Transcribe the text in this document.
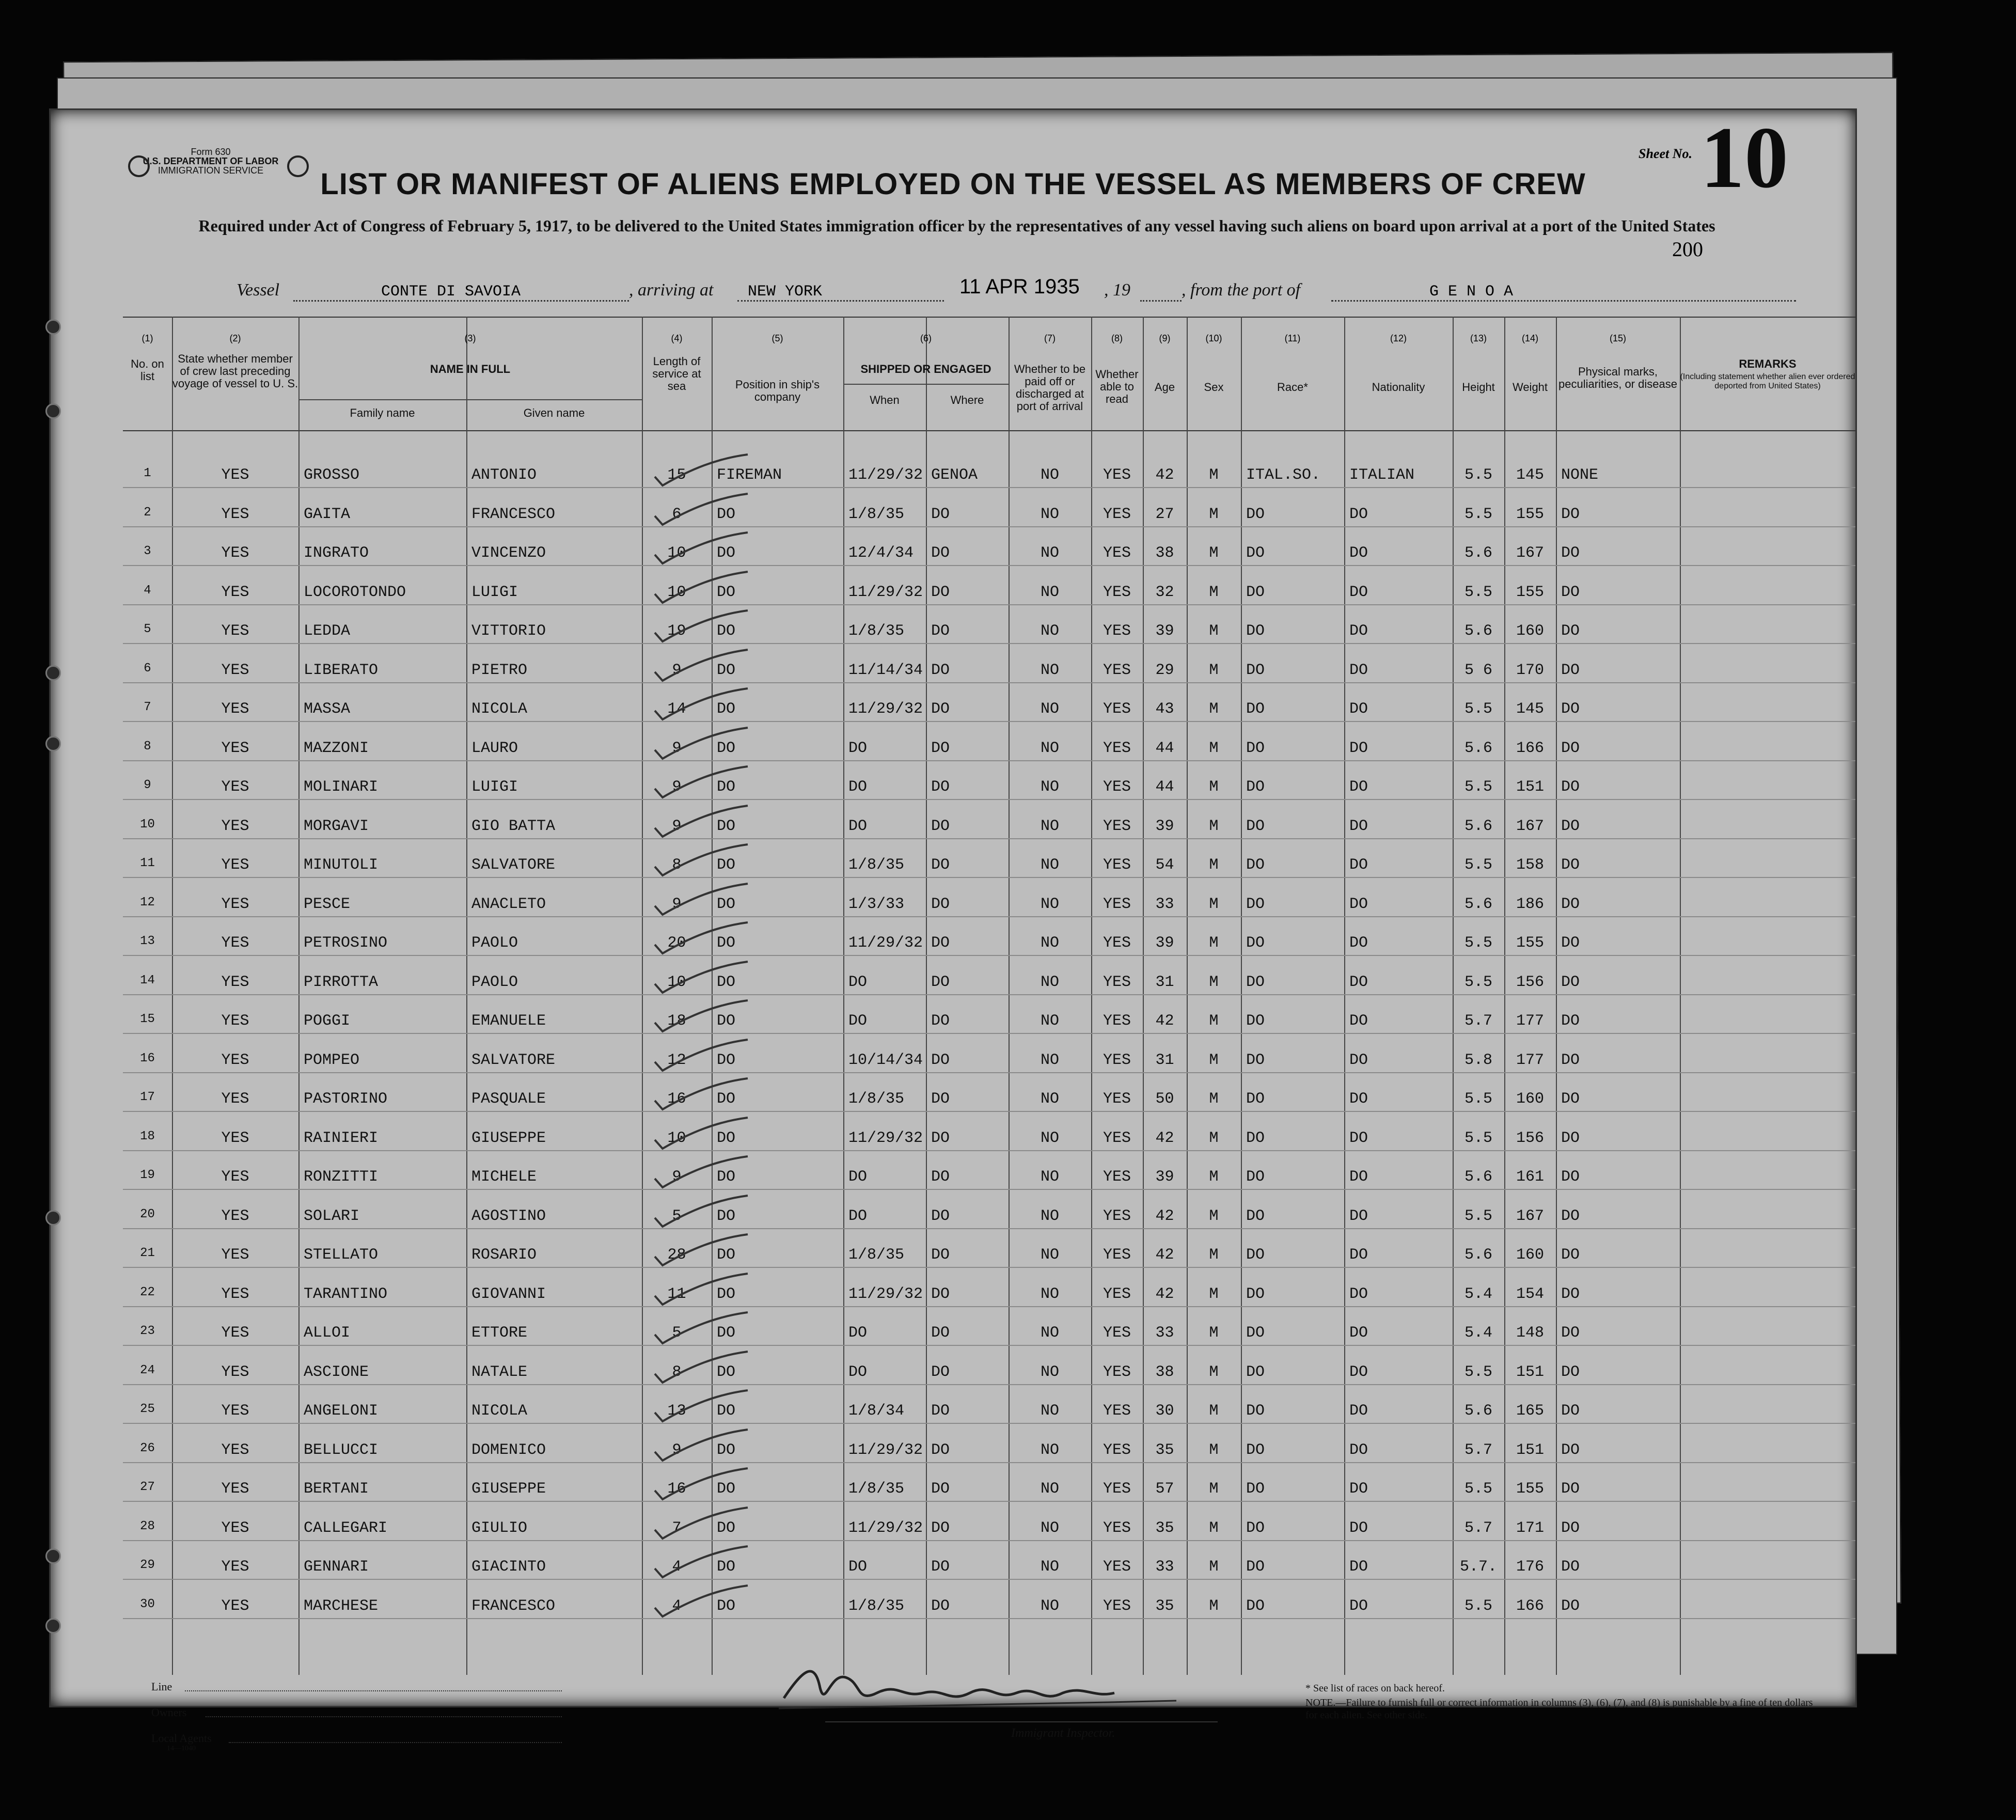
Form 630
U.S. DEPARTMENT OF LABOR
IMMIGRATION SERVICE
Sheet No. 10
200
LIST OR MANIFEST OF ALIENS EMPLOYED ON THE VESSEL AS MEMBERS OF CREW
Required under Act of Congress of February 5, 1917, to be delivered to the United States immigration officer by the representatives of any vessel having such aliens on board upon arrival at a port of the United States
Vessel	CONTE DI SAVOIA	, arriving at NEW YORK	11 APR 1935 , 19	, from the port of	G E N O A
(1)	(2)	(3)	(4)	(5)	(6)	(7)	(8)	(9)	(10)	(11)	(12)	(13)	(14)	(15)
No. on list
State whether member of crew last preceding voyage of vessel to U. S.
NAME IN FULL
Family name	Given name
Length of service at sea	Position in ship's company
SHIPPED OR ENGAGED
When	Where
Whether to be paid off or discharged at port of arrival
Whether able to read
Age	Sex	Race*	Nationality	Height	Weight
Physical marks, peculiarities, or disease
REMARKS
(Including statement whether alien ever ordered deported from United States)
1	YES	GROSSO	ANTONIO	15	FIREMAN	11/29/32 GENOA	NO	YES	42	M	ITAL.SO. ITALIAN	5.5	145	NONE
2	YES	GAITA	FRANCESCO	6	DO	1/8/35 DO	NO	YES	27	M	DO	DO	5.5	155	DO
3	YES	INGRATO	VINCENZO	10	DO	12/4/34 DO	NO	YES	38	M	DO	DO	5.6	167	DO
4	YES	LOCOROTONDO	LUIGI	10	DO	11/29/32 DO	NO	YES	32	M	DO	DO	5.5	155	DO
5	YES	LEDDA	VITTORIO	19	DO	1/8/35 DO	NO	YES	39	M	DO	DO	5.6	160	DO
6	YES	LIBERATO	PIETRO	9	DO	11/14/34 DO	NO	YES	29	M	DO	DO	5 6	170	DO
7	YES	MASSA	NICOLA	14	DO	11/29/32 DO	NO	YES	43	M	DO	DO	5.5	145	DO
8	YES	MAZZONI	LAURO	9	DO	DO	DO	NO	YES	44	M	DO	DO	5.6	166	DO
9	YES	MOLINARI	LUIGI	9	DO	DO	DO	NO	YES	44	M	DO	DO	5.5	151	DO
10	YES	MORGAVI	GIO BATTA	9	DO	DO	DO	NO	YES	39	M	DO	DO	5.6	167	DO
11	YES	MINUTOLI	SALVATORE	8	DO	1/8/35 DO	NO	YES	54	M	DO	DO	5.5	158	DO
12	YES	PESCE	ANACLETO	9	DO	1/3/33 DO	NO	YES	33	M	DO	DO	5.6	186	DO
13	YES	PETROSINO	PAOLO	20	DO	11/29/32 DO	NO	YES	39	M	DO	DO	5.5	155	DO
14	YES	PIRROTTA	PAOLO	10	DO	DO	DO	NO	YES	31	M	DO	DO	5.5	156	DO
15	YES	POGGI	EMANUELE	18	DO	DO	DO	NO	YES	42	M	DO	DO	5.7	177	DO
16	YES	POMPEO	SALVATORE	12	DO	10/14/34 DO	NO	YES	31	M	DO	DO	5.8	177	DO
17	YES	PASTORINO	PASQUALE	16	DO	1/8/35 DO	NO	YES	50	M	DO	DO	5.5	160	DO
18	YES	RAINIERI	GIUSEPPE	10	DO	11/29/32 DO	NO	YES	42	M	DO	DO	5.5	156	DO
19	YES	RONZITTI	MICHELE	9	DO	DO	DO	NO	YES	39	M	DO	DO	5.6	161	DO
20	YES	SOLARI	AGOSTINO	5	DO	DO	DO	NO	YES	42	M	DO	DO	5.5	167	DO
21	YES	STELLATO	ROSARIO	28	DO	1/8/35 DO	NO	YES	42	M	DO	DO	5.6	160	DO
22	YES	TARANTINO	GIOVANNI	11	DO	11/29/32 DO	NO	YES	42	M	DO	DO	5.4	154	DO
23	YES	ALLOI	ETTORE	5	DO	DO	DO	NO	YES	33	M	DO	DO	5.4	148	DO
24	YES	ASCIONE	NATALE	8	DO	DO	DO	NO	YES	38	M	DO	DO	5.5	151	DO
25	YES	ANGELONI	NICOLA	13	DO	1/8/34 DO	NO	YES	30	M	DO	DO	5.6	165	DO
26	YES	BELLUCCI	DOMENICO	9	DO	11/29/32 DO	NO	YES	35	M	DO	DO	5.7	151	DO
27	YES	BERTANI	GIUSEPPE	16	DO	1/8/35 DO	NO	YES	57	M	DO	DO	5.5	155	DO
28	YES	CALLEGARI	GIULIO	7	DO	11/29/32 DO	NO	YES	35	M	DO	DO	5.7	171	DO
29	YES	GENNARI	GIACINTO	4	DO	DO	DO	NO	YES	33	M	DO	DO	5.7.	176	DO
30	YES	MARCHESE	FRANCESCO	4	DO	1/8/35 DO	NO	YES	35	M	DO	DO	5.5	166	DO
Line
Owners
Local Agents
14—1040
Immigrant Inspector.
* See list of races on back hereof.
NOTE.—Failure to furnish full or correct information in columns (3), (6), (7), and (8) is punishable by a fine of ten dollars for each alien. See other side.
